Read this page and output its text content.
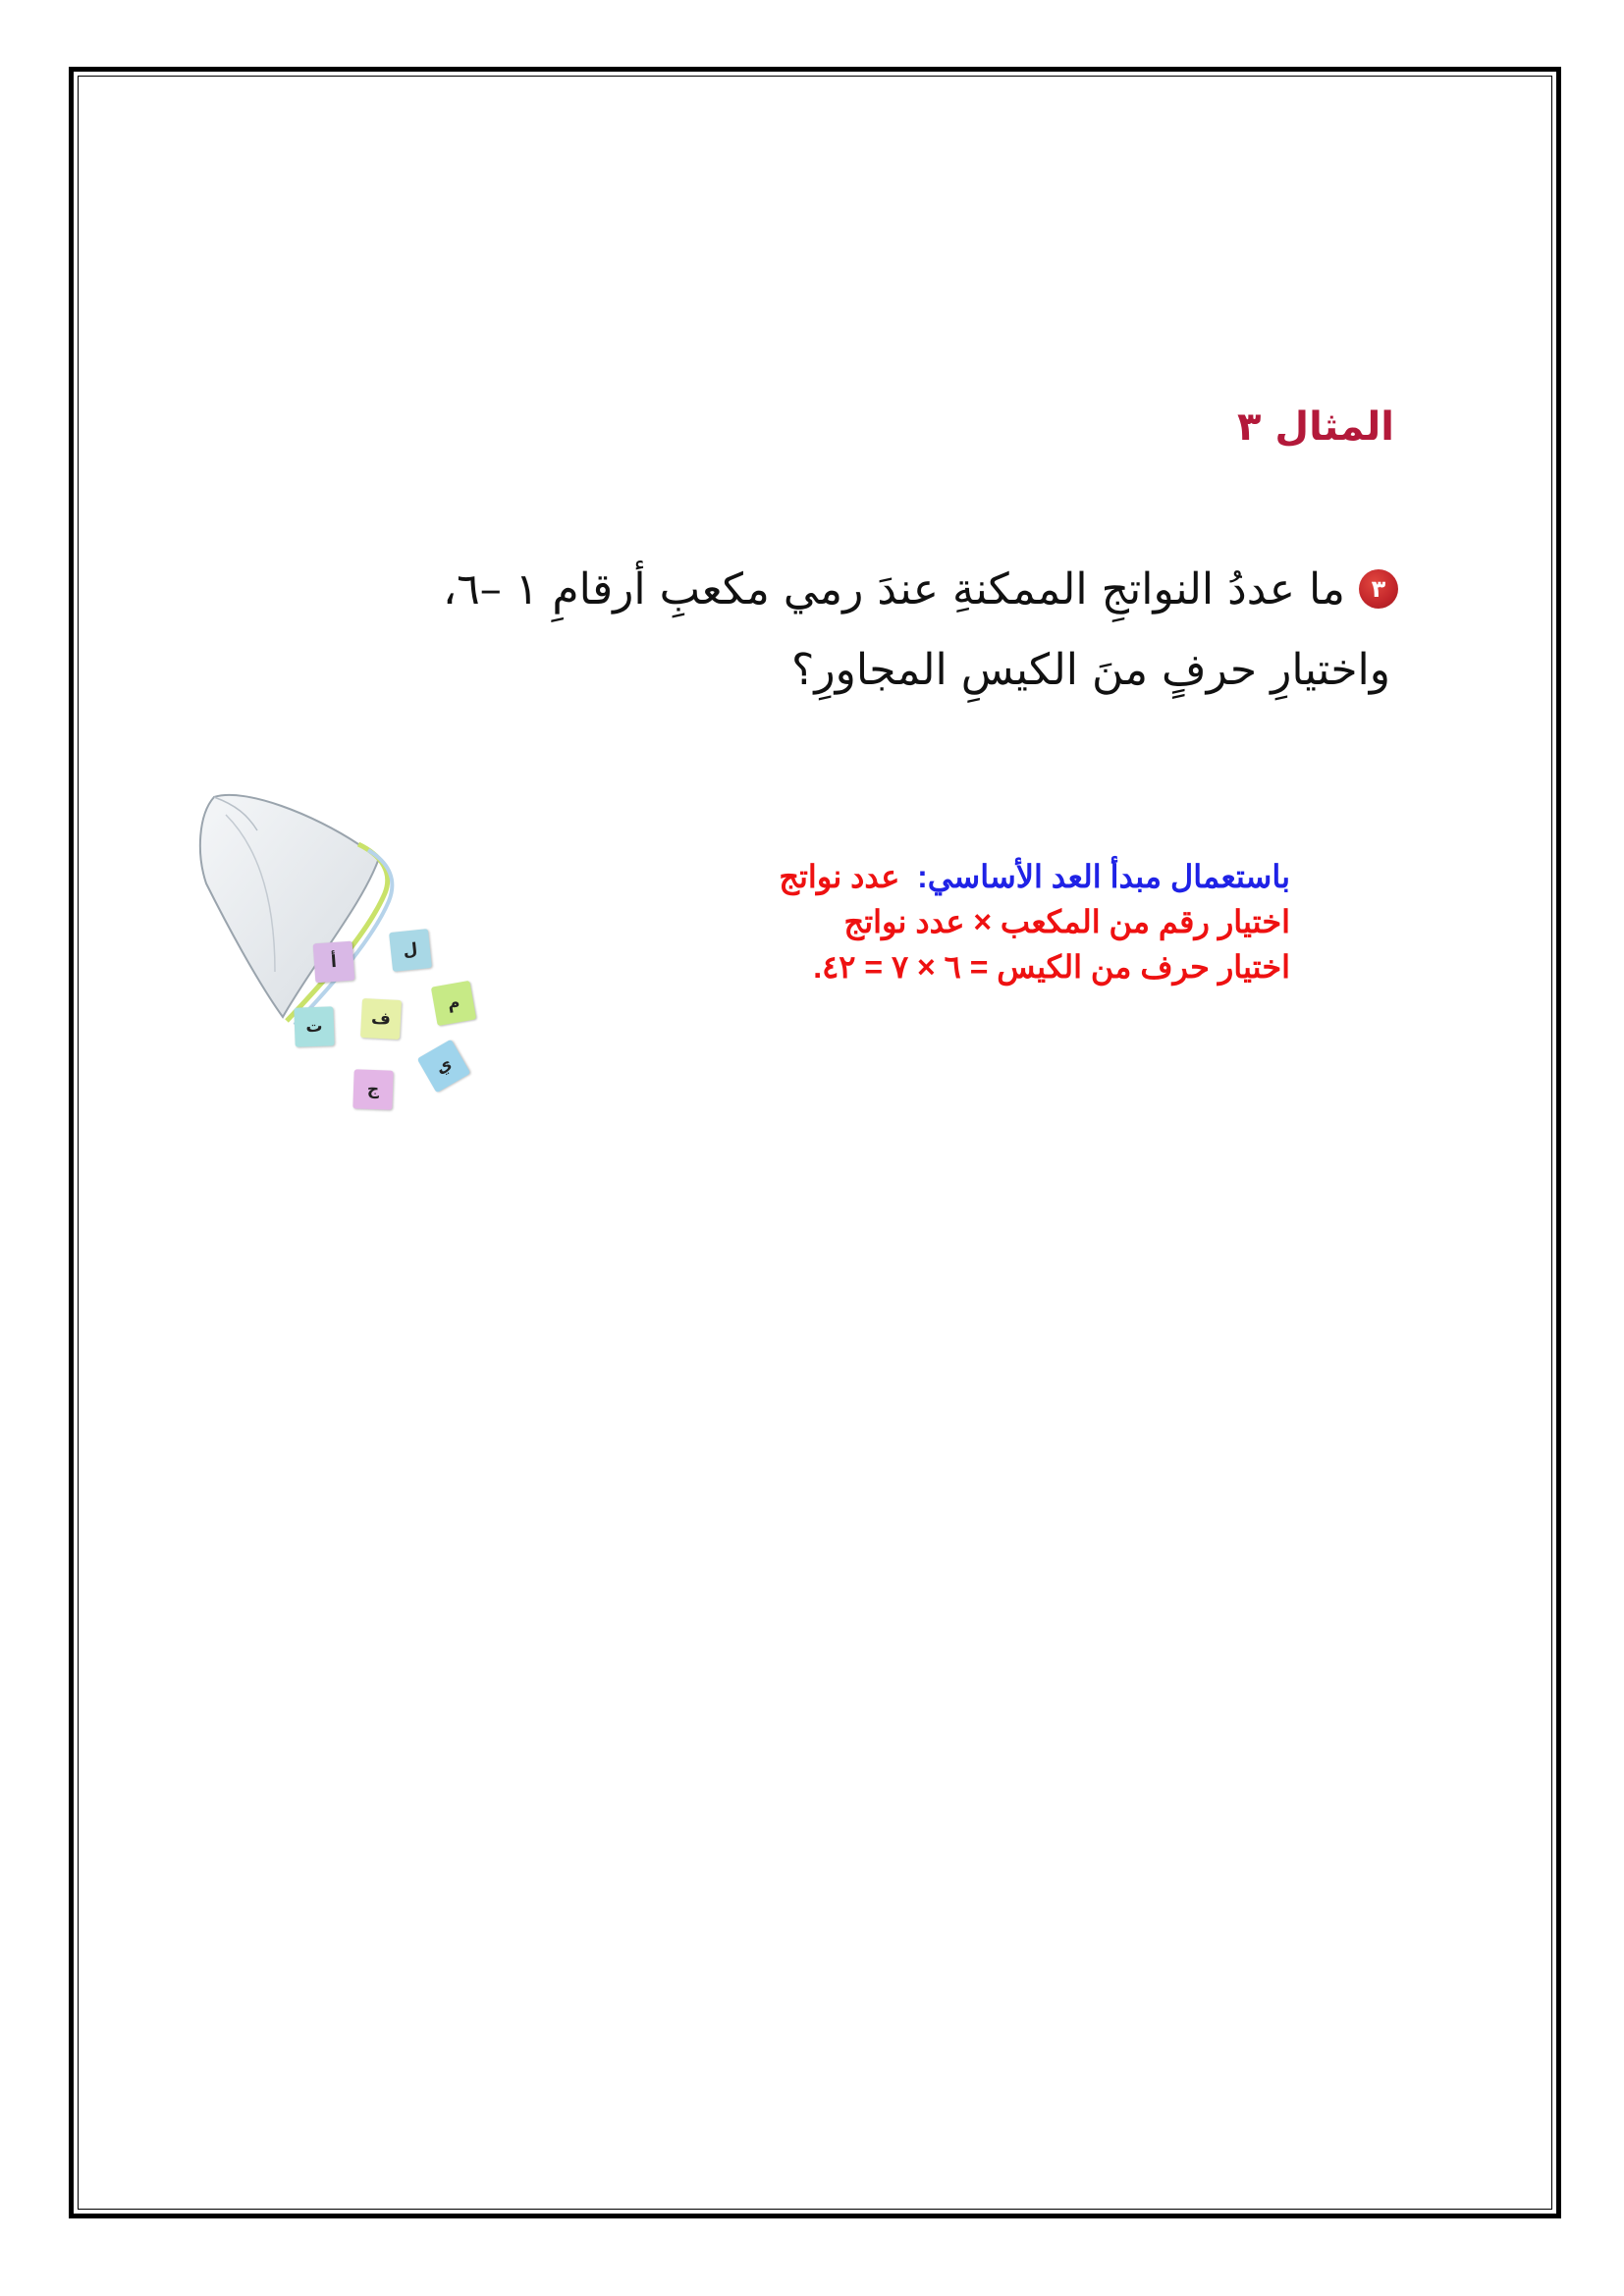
المثال ٣
٣ما عددُ النواتجِ الممكنةِ عندَ رمي مكعبِ أرقامِ ١ –٦،
واختيارِ حرفٍ منَ الكيسِ المجاورِ؟
باستعمال مبدأ العد الأساسي:  عدد نواتج
اختيار رقم من المكعب × عدد نواتج
اختيار حرف من الكيس = ٦ × ٧ = ٤٢.
ل
أ
م
ف
ت
ي
ج
